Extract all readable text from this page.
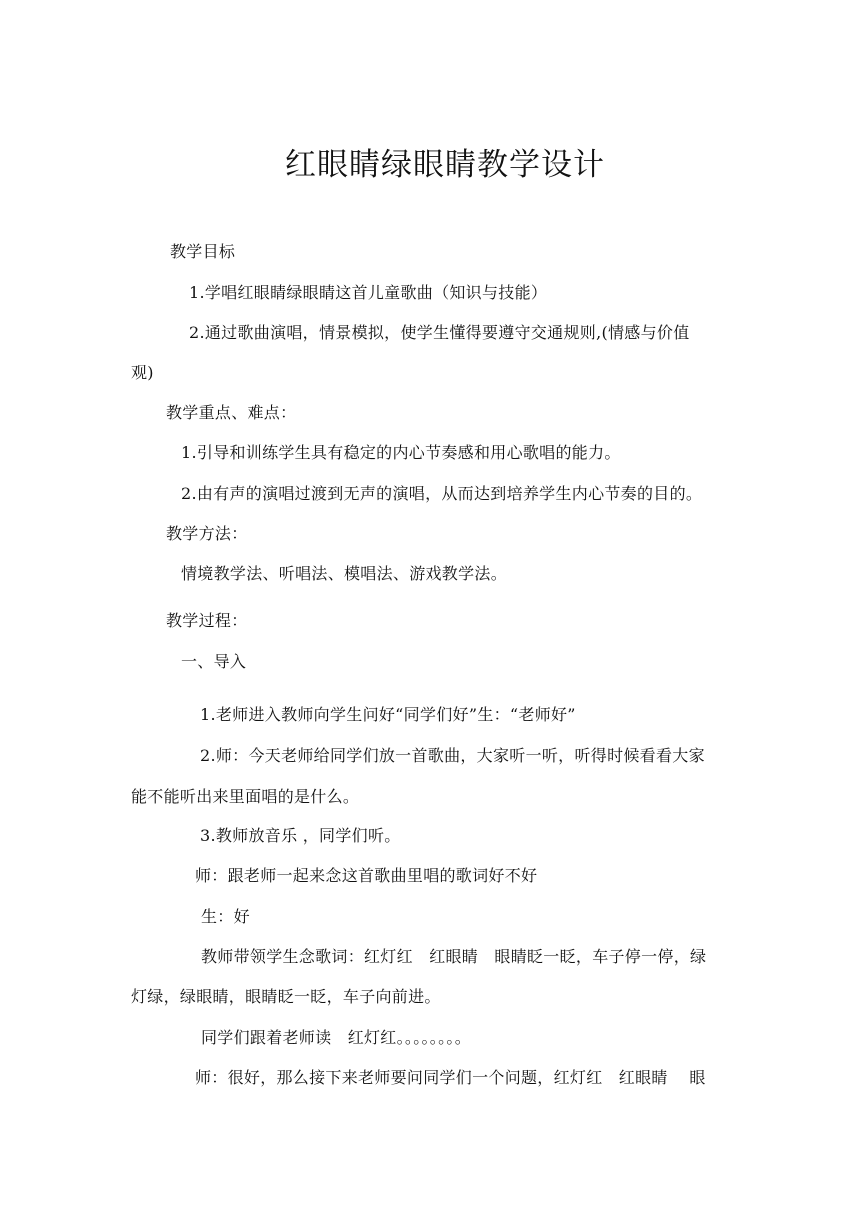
红眼睛绿眼睛教学设计
教学目标
1.学唱红眼睛绿眼睛这首儿童歌曲（知识与技能）
2.通过歌曲演唱，情景模拟，使学生懂得要遵守交通规则,(情感与价值
观)
教学重点、难点：
1.引导和训练学生具有稳定的内心节奏感和用心歌唱的能力。
2.由有声的演唱过渡到无声的演唱，从而达到培养学生内心节奏的目的。
教学方法：
情境教学法、听唱法、模唱法、游戏教学法。
教学过程：
一、导入
1.老师进入教师向学生问好“同学们好”生：“老师好”
2.师：今天老师给同学们放一首歌曲，大家听一听，听得时候看看大家
能不能听出来里面唱的是什么。
3.教师放音乐 ，同学们听。
师：跟老师一起来念这首歌曲里唱的歌词好不好
生：好
教师带领学生念歌词：红灯红　红眼睛　眼睛眨一眨，车子停一停，绿
灯绿，绿眼睛，眼睛眨一眨，车子向前进。
同学们跟着老师读　红灯红。。。。。。。。
师：很好，那么接下来老师要问同学们一个问题，红灯红　红眼睛　 眼
